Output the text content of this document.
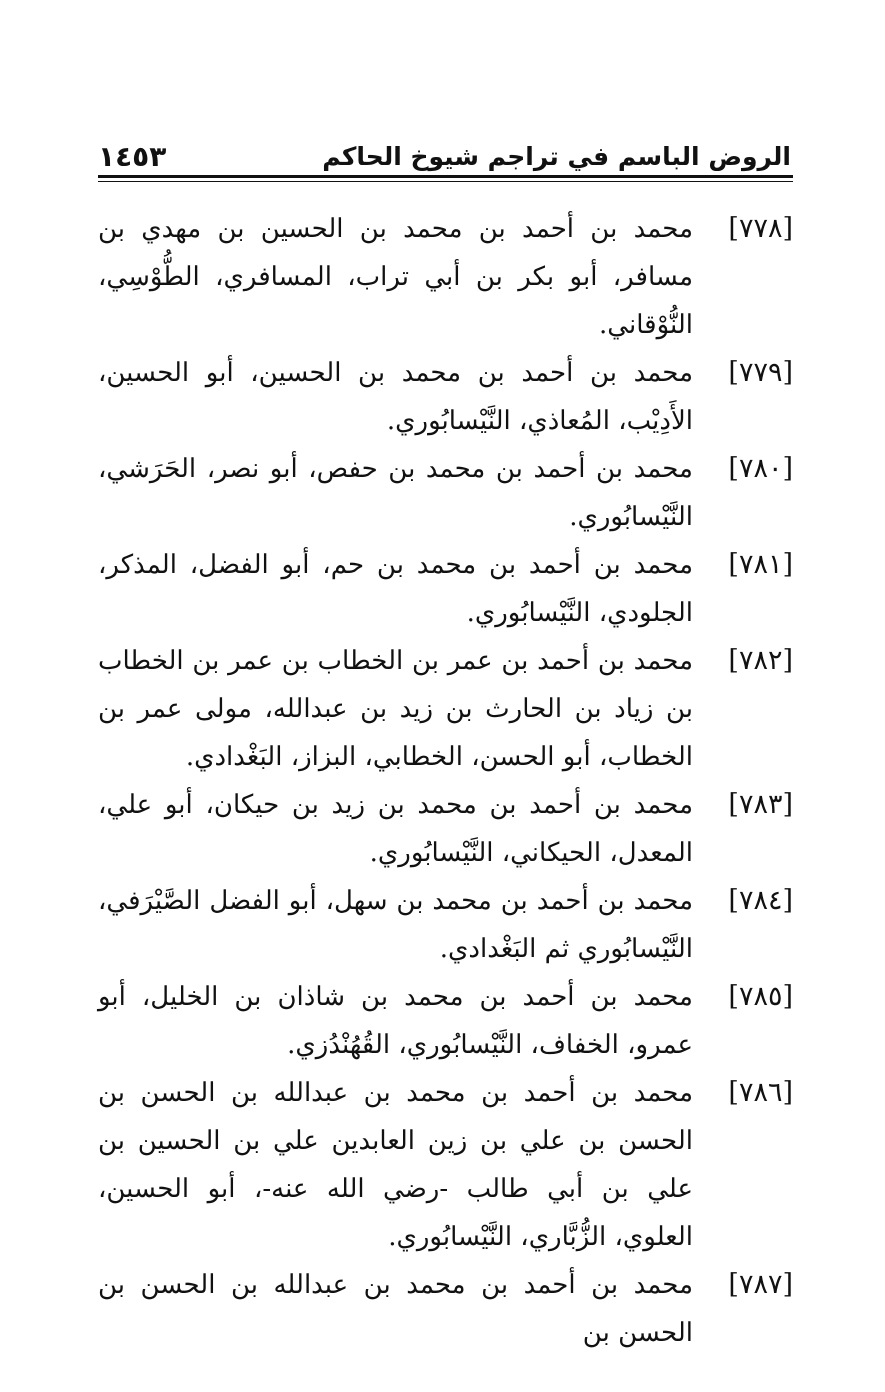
الروض الباسم في تراجم شيوخ الحاكم
١٤٥٣
[٧٧٨]
محمد بن أحمد بن محمد بن الحسين بن مهدي بن مسافر، أبو بكر بن أبي تراب، المسافري، الطُّوْسِي، النُّوْقاني.
[٧٧٩]
محمد بن أحمد بن محمد بن الحسين، أبو الحسين، الأَدِيْب، المُعاذي، النَّيْسابُوري.
[٧٨٠]
محمد بن أحمد بن محمد بن حفص، أبو نصر، الحَرَشي، النَّيْسابُوري.
[٧٨١]
محمد بن أحمد بن محمد بن حم، أبو الفضل، المذكر، الجلودي، النَّيْسابُوري.
[٧٨٢]
محمد بن أحمد بن عمر بن الخطاب بن عمر بن الخطاب بن زياد بن الحارث بن زيد بن عبدالله، مولى عمر بن الخطاب، أبو الحسن، الخطابي، البزاز، البَغْدادي.
[٧٨٣]
محمد بن أحمد بن محمد بن زيد بن حيكان، أبو علي، المعدل، الحيكاني، النَّيْسابُوري.
[٧٨٤]
محمد بن أحمد بن محمد بن سهل، أبو الفضل الصَّيْرَفي، النَّيْسابُوري ثم البَغْدادي.
[٧٨٥]
محمد بن أحمد بن محمد بن شاذان بن الخليل، أبو عمرو، الخفاف، النَّيْسابُوري، القُهُنْدُزي.
[٧٨٦]
محمد بن أحمد بن محمد بن عبدالله بن الحسن بن الحسن بن علي بن زين العابدين علي بن الحسين بن علي بن أبي طالب -رضي الله عنه-، أبو الحسين، العلوي، الزُّبَّاري، النَّيْسابُوري.
[٧٨٧]
محمد بن أحمد بن محمد بن عبدالله بن الحسن بن الحسن بن
